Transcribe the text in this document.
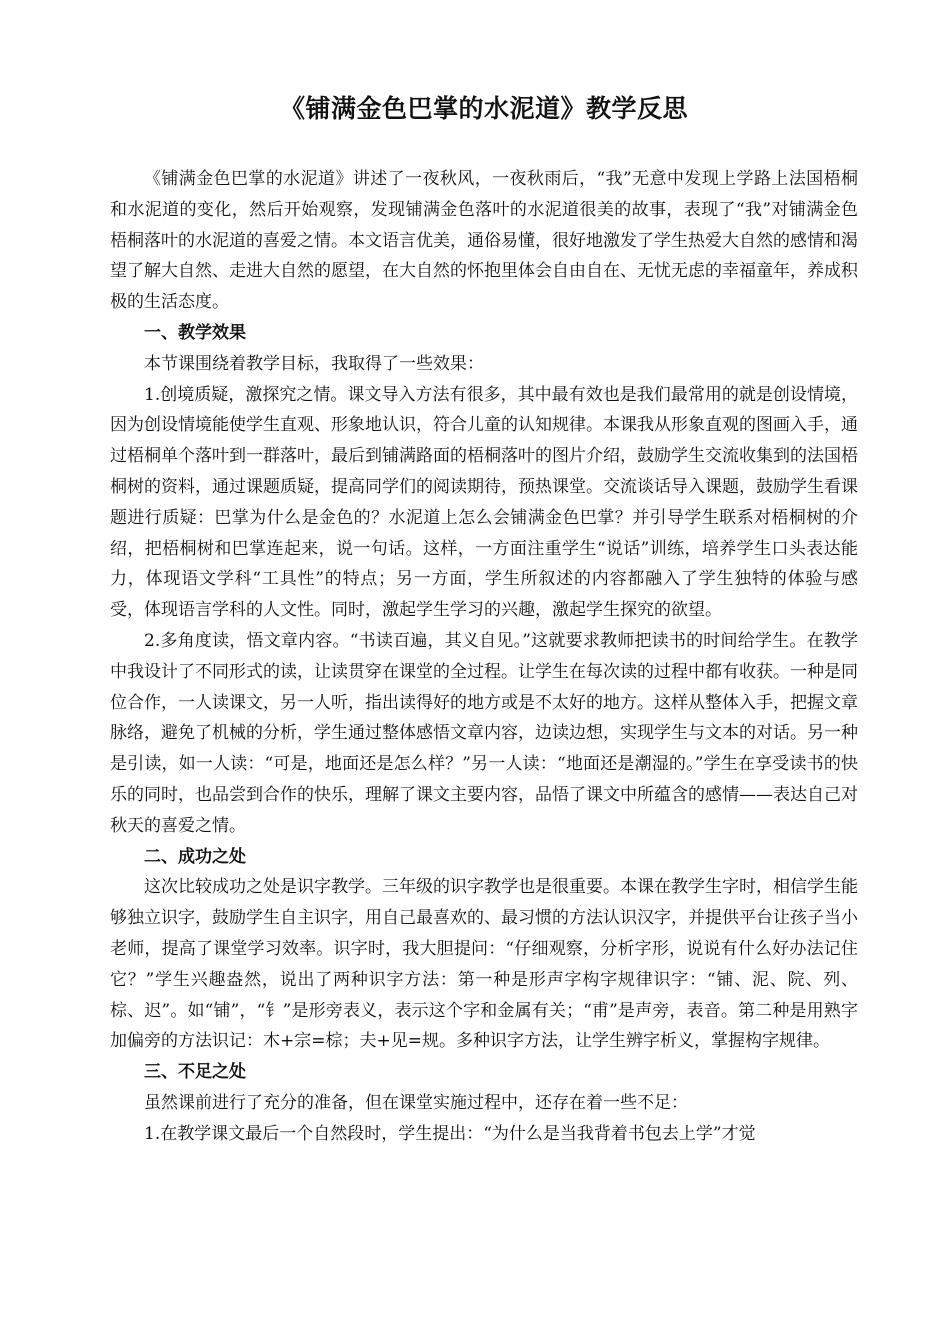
《铺满金色巴掌的水泥道》教学反思

《铺满金色巴掌的水泥道》讲述了一夜秋风，一夜秋雨后，“我”无意中发现上学路上法国梧桐和水泥道的变化，然后开始观察，发现铺满金色落叶的水泥道很美的故事，表现了“我”对铺满金色梧桐落叶的水泥道的喜爱之情。本文语言优美，通俗易懂，很好地激发了学生热爱大自然的感情和渴望了解大自然、走进大自然的愿望，在大自然的怀抱里体会自由自在、无忧无虑的幸福童年，养成积极的生活态度。

一、教学效果

本节课围绕着教学目标，我取得了一些效果：

1.创境质疑，激探究之情。课文导入方法有很多，其中最有效也是我们最常用的就是创设情境，因为创设情境能使学生直观、形象地认识，符合儿童的认知规律。本课我从形象直观的图画入手，通过梧桐单个落叶到一群落叶，最后到铺满路面的梧桐落叶的图片介绍，鼓励学生交流收集到的法国梧桐树的资料，通过课题质疑，提高同学们的阅读期待，预热课堂。交流谈话导入课题，鼓励学生看课题进行质疑：巴掌为什么是金色的？水泥道上怎么会铺满金色巴掌？并引导学生联系对梧桐树的介绍，把梧桐树和巴掌连起来，说一句话。这样，一方面注重学生“说话”训练，培养学生口头表达能力，体现语文学科“工具性”的特点；另一方面，学生所叙述的内容都融入了学生独特的体验与感受，体现语言学科的人文性。同时，激起学生学习的兴趣，激起学生探究的欲望。

2.多角度读，悟文章内容。“书读百遍，其义自见。”这就要求教师把读书的时间给学生。在教学中我设计了不同形式的读，让读贯穿在课堂的全过程。让学生在每次读的过程中都有收获。一种是同位合作，一人读课文，另一人听，指出读得好的地方或是不太好的地方。这样从整体入手，把握文章脉络，避免了机械的分析，学生通过整体感悟文章内容，边读边想，实现学生与文本的对话。另一种是引读，如一人读：“可是，地面还是怎么样？”另一人读：“地面还是潮湿的。”学生在享受读书的快乐的同时，也品尝到合作的快乐，理解了课文主要内容，品悟了课文中所蕴含的感情——表达自己对秋天的喜爱之情。

二、成功之处

这次比较成功之处是识字教学。三年级的识字教学也是很重要。本课在教学生字时，相信学生能够独立识字，鼓励学生自主识字，用自己最喜欢的、最习惯的方法认识汉字，并提供平台让孩子当小老师，提高了课堂学习效率。识字时，我大胆提问：“仔细观察，分析字形，说说有什么好办法记住它？”学生兴趣盎然，说出了两种识字方法：第一种是形声字构字规律识字：“铺、泥、院、列、棕、迟”。如“铺”，“钅”是形旁表义，表示这个字和金属有关；“甫”是声旁，表音。第二种是用熟字加偏旁的方法识记：木+宗=棕；夫+见=规。多种识字方法，让学生辨字析义，掌握构字规律。

三、不足之处

虽然课前进行了充分的准备，但在课堂实施过程中，还存在着一些不足：

1.在教学课文最后一个自然段时，学生提出：“为什么是当我背着书包去上学”才觉
